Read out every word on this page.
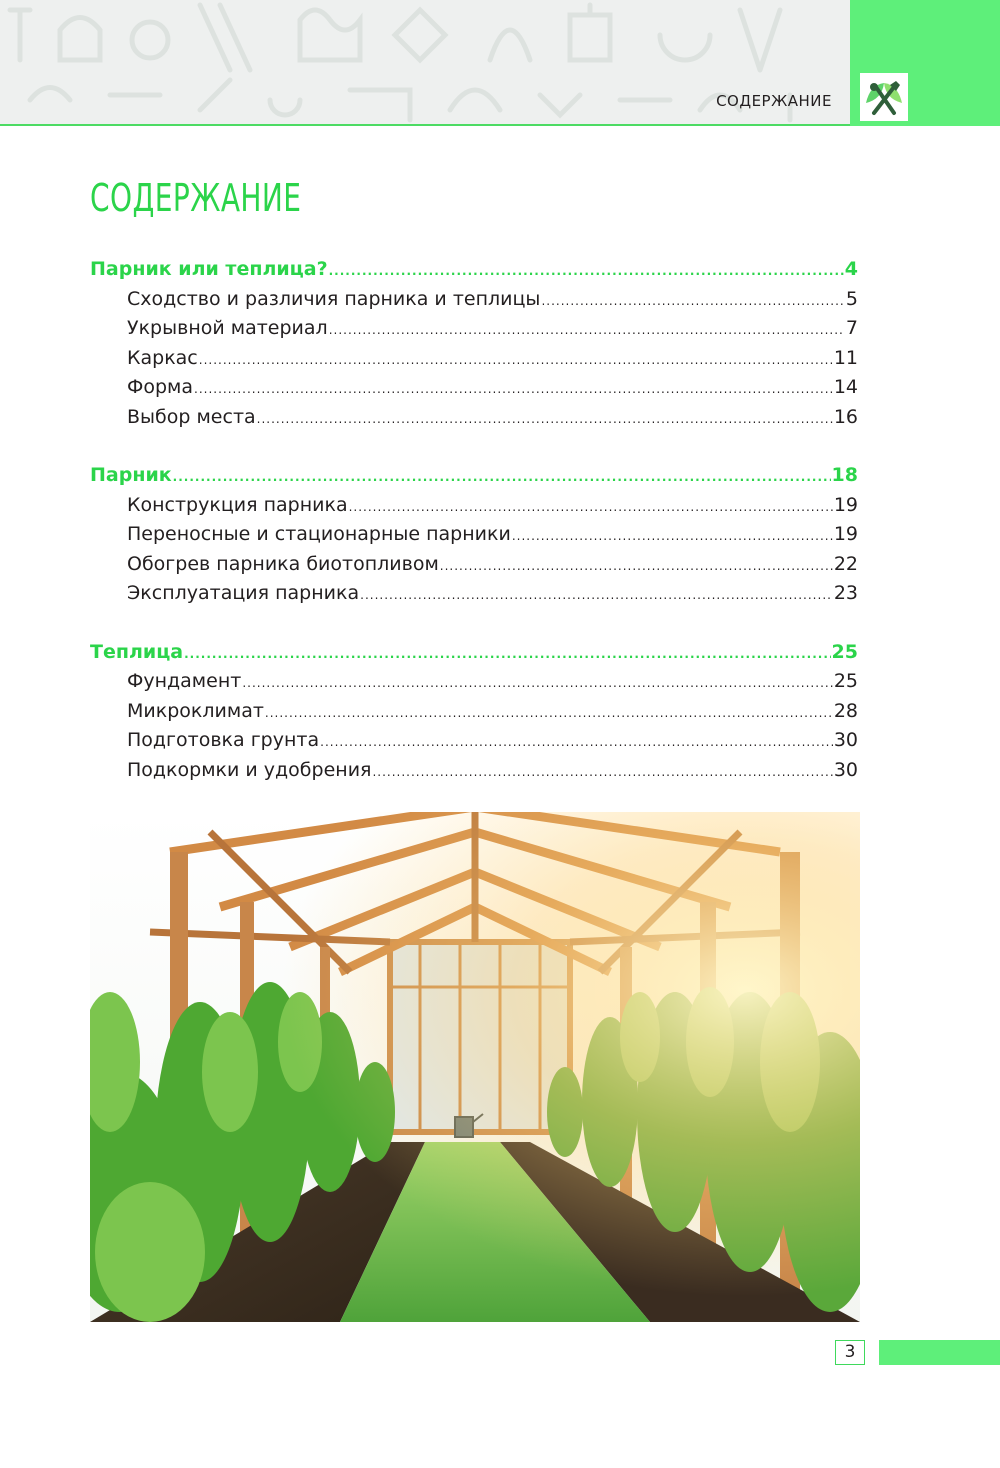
СОДЕРЖАНИЕ
СОДЕРЖАНИЕ
Парник или теплица? .....	4
Сходство и различия парника и теплицы .....	5
Укрывной материал .....	7
Каркас .....	11
Форма .....	14
Выбор места .....	16
Парник .....	18
Конструкция парника .....	19
Переносные и стационарные парники .....	19
Обогрев парника биотопливом .....	22
Эксплуатация парника .....	23
Теплица .....	25
Фундамент .....	25
Микроклимат .....	28
Подготовка грунта .....	30
Подкормки и удобрения .....	30
3
